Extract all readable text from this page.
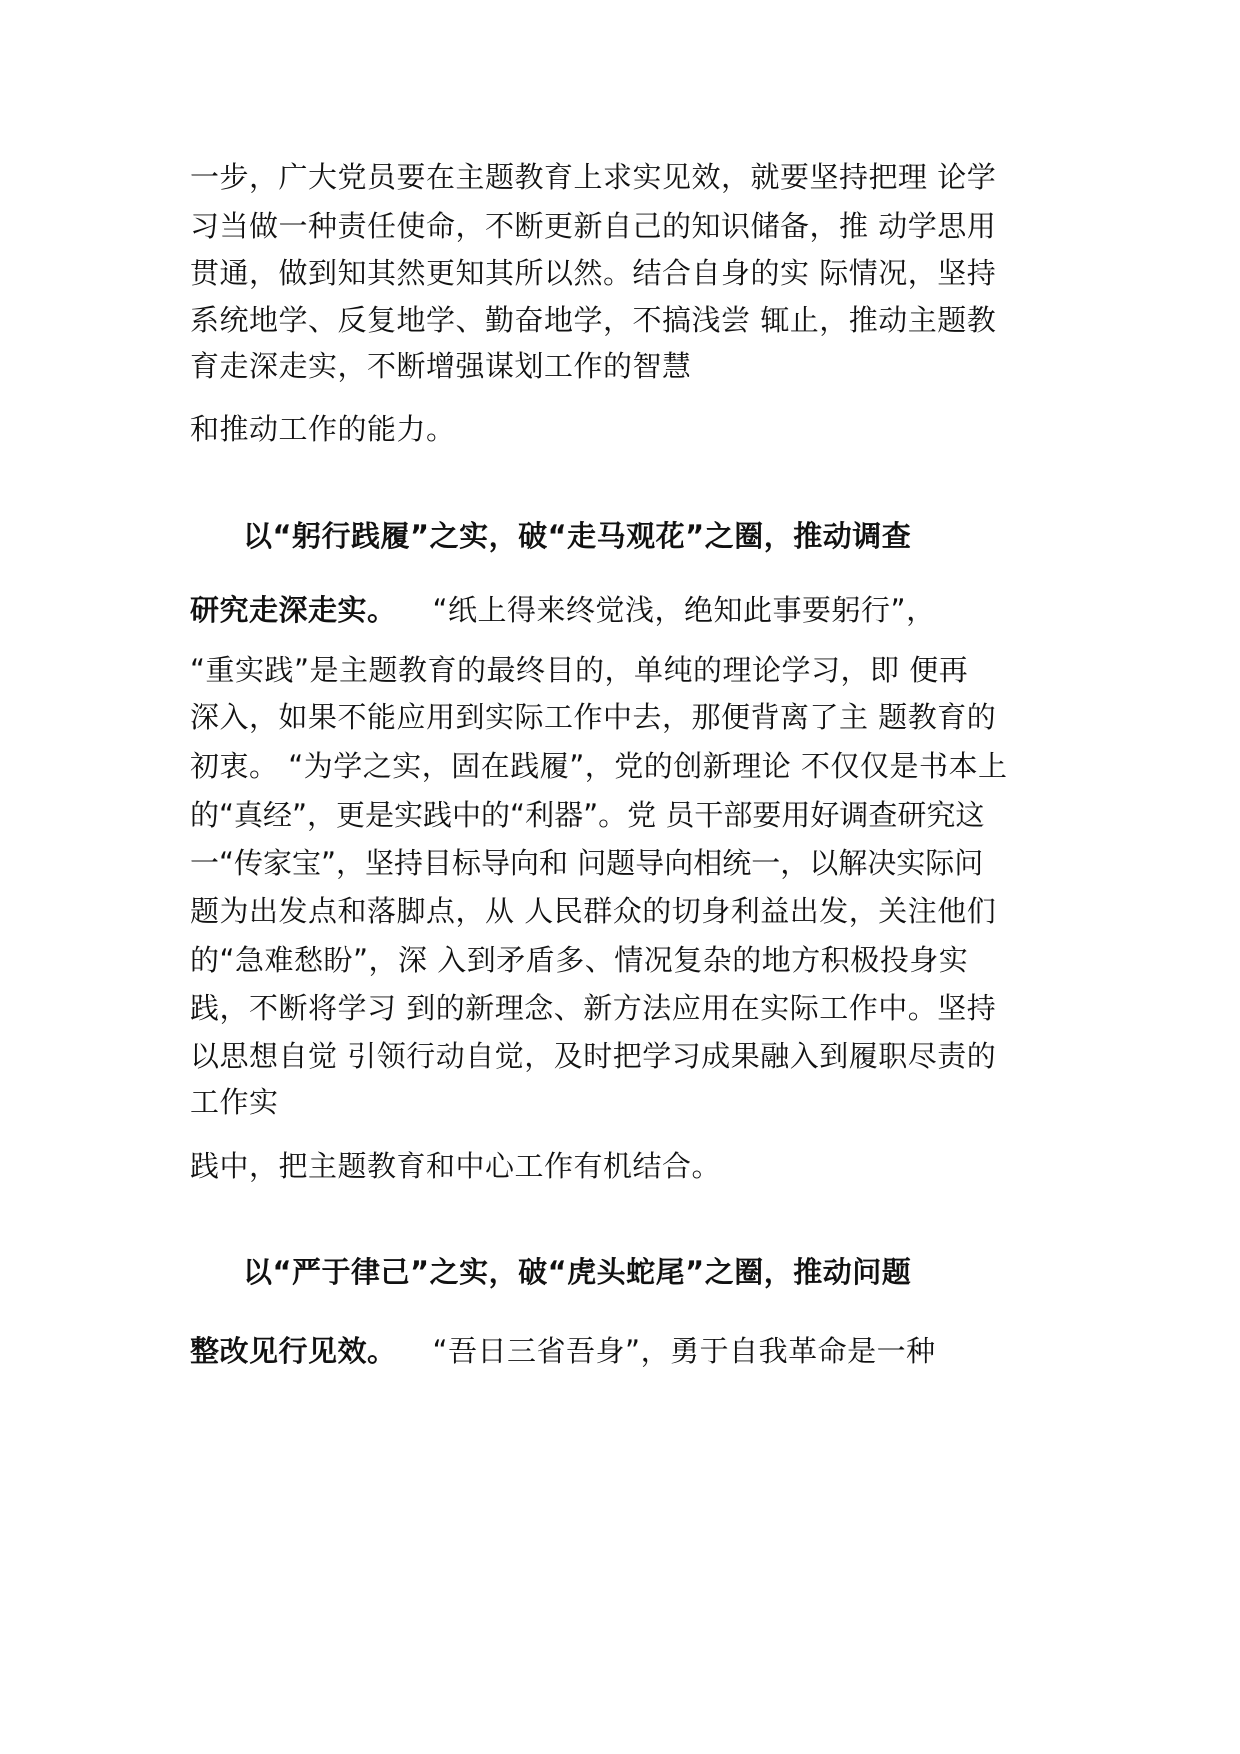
一步，广大党员要在主题教育上求实见效，就要坚持把理 论学
习当做一种责任使命，不断更新自己的知识储备，推 动学思用
贯通，做到知其然更知其所以然。结合自身的实 际情况，坚持
系统地学、反复地学、勤奋地学，不搞浅尝 辄止，推动主题教
育走深走实，不断增强谋划工作的智慧
和推动工作的能力。
以“躬行践履”之实，破“走马观花”之圈，推动调查
研究走深走实。 “纸上得来终觉浅，绝知此事要躬行”，
“重实践”是主题教育的最终目的，单纯的理论学习，即 便再
深入，如果不能应用到实际工作中去，那便背离了主 题教育的
初衷。 “为学之实，固在践履”，党的创新理论 不仅仅是书本上
的“真经”，更是实践中的“利器”。党 员干部要用好调查研究这
一“传家宝”，坚持目标导向和 问题导向相统一，以解决实际问
题为出发点和落脚点，从 人民群众的切身利益出发，关注他们
的“急难愁盼”，深 入到矛盾多、情况复杂的地方积极投身实
践，不断将学习 到的新理念、新方法应用在实际工作中。坚持
以思想自觉 引领行动自觉，及时把学习成果融入到履职尽责的
工作实
践中，把主题教育和中心工作有机结合。
以“严于律己”之实，破“虎头蛇尾”之圈，推动问题
整改见行见效。 “吾日三省吾身”，勇于自我革命是一种
